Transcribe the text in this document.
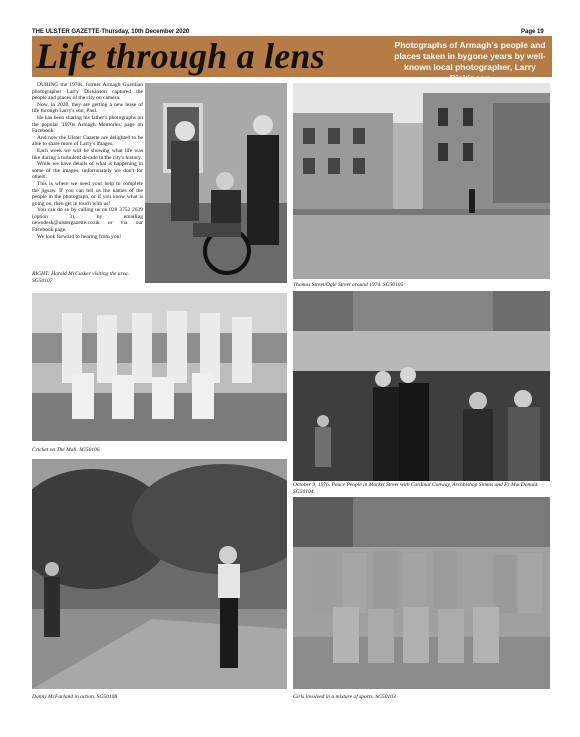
THE ULSTER GAZETTE-Thursday, 10th December 2020	Page 19
Life through a lens	Photographs of Armagh's people and places taken in bygone years by well-known local photographer, Larry Dickinson

DURING the 1970s, former Armagh Guardian photographer Larry Dickinson captured the people and places of the city on camera.

Now, in 2020, they are getting a new lease of life through Larry's son, Paul.

He has been sharing his father's photographs on the popular '1970s Armagh Memories' page on Facebook.

And now the Ulster Gazette are delighted to be able to share more of Larry's images.

Each week we will be showing what life was like during a turbulent decade in the city's history.

While we have details of what is happening in some of the images, unfortunately we don't for others.

This is where we need your help to complete the jigsaw. If you can tell us the names of the people in the photograph, or if you know what is going on, then get in touch with us!

You can do so by calling us on 028 3752 2639 (option 3), by emailing newsdesk@ulstergazette.co.uk or via our Facebook page.

We look forward to hearing from you!

RIGHT: Harold McCusker visiting the area. SG50107
Thomas Street/Ogle Street around 1974. SG50105
Cricket on The Mall. SG50106
October 9, 1976. Peace People in Market Street with Cardinal Conway, Archbishop Simms and Fr MacDonald. SG50104
Danny McFarland in action. SG50108	Girls involved in a mixture of sports. SG50103
